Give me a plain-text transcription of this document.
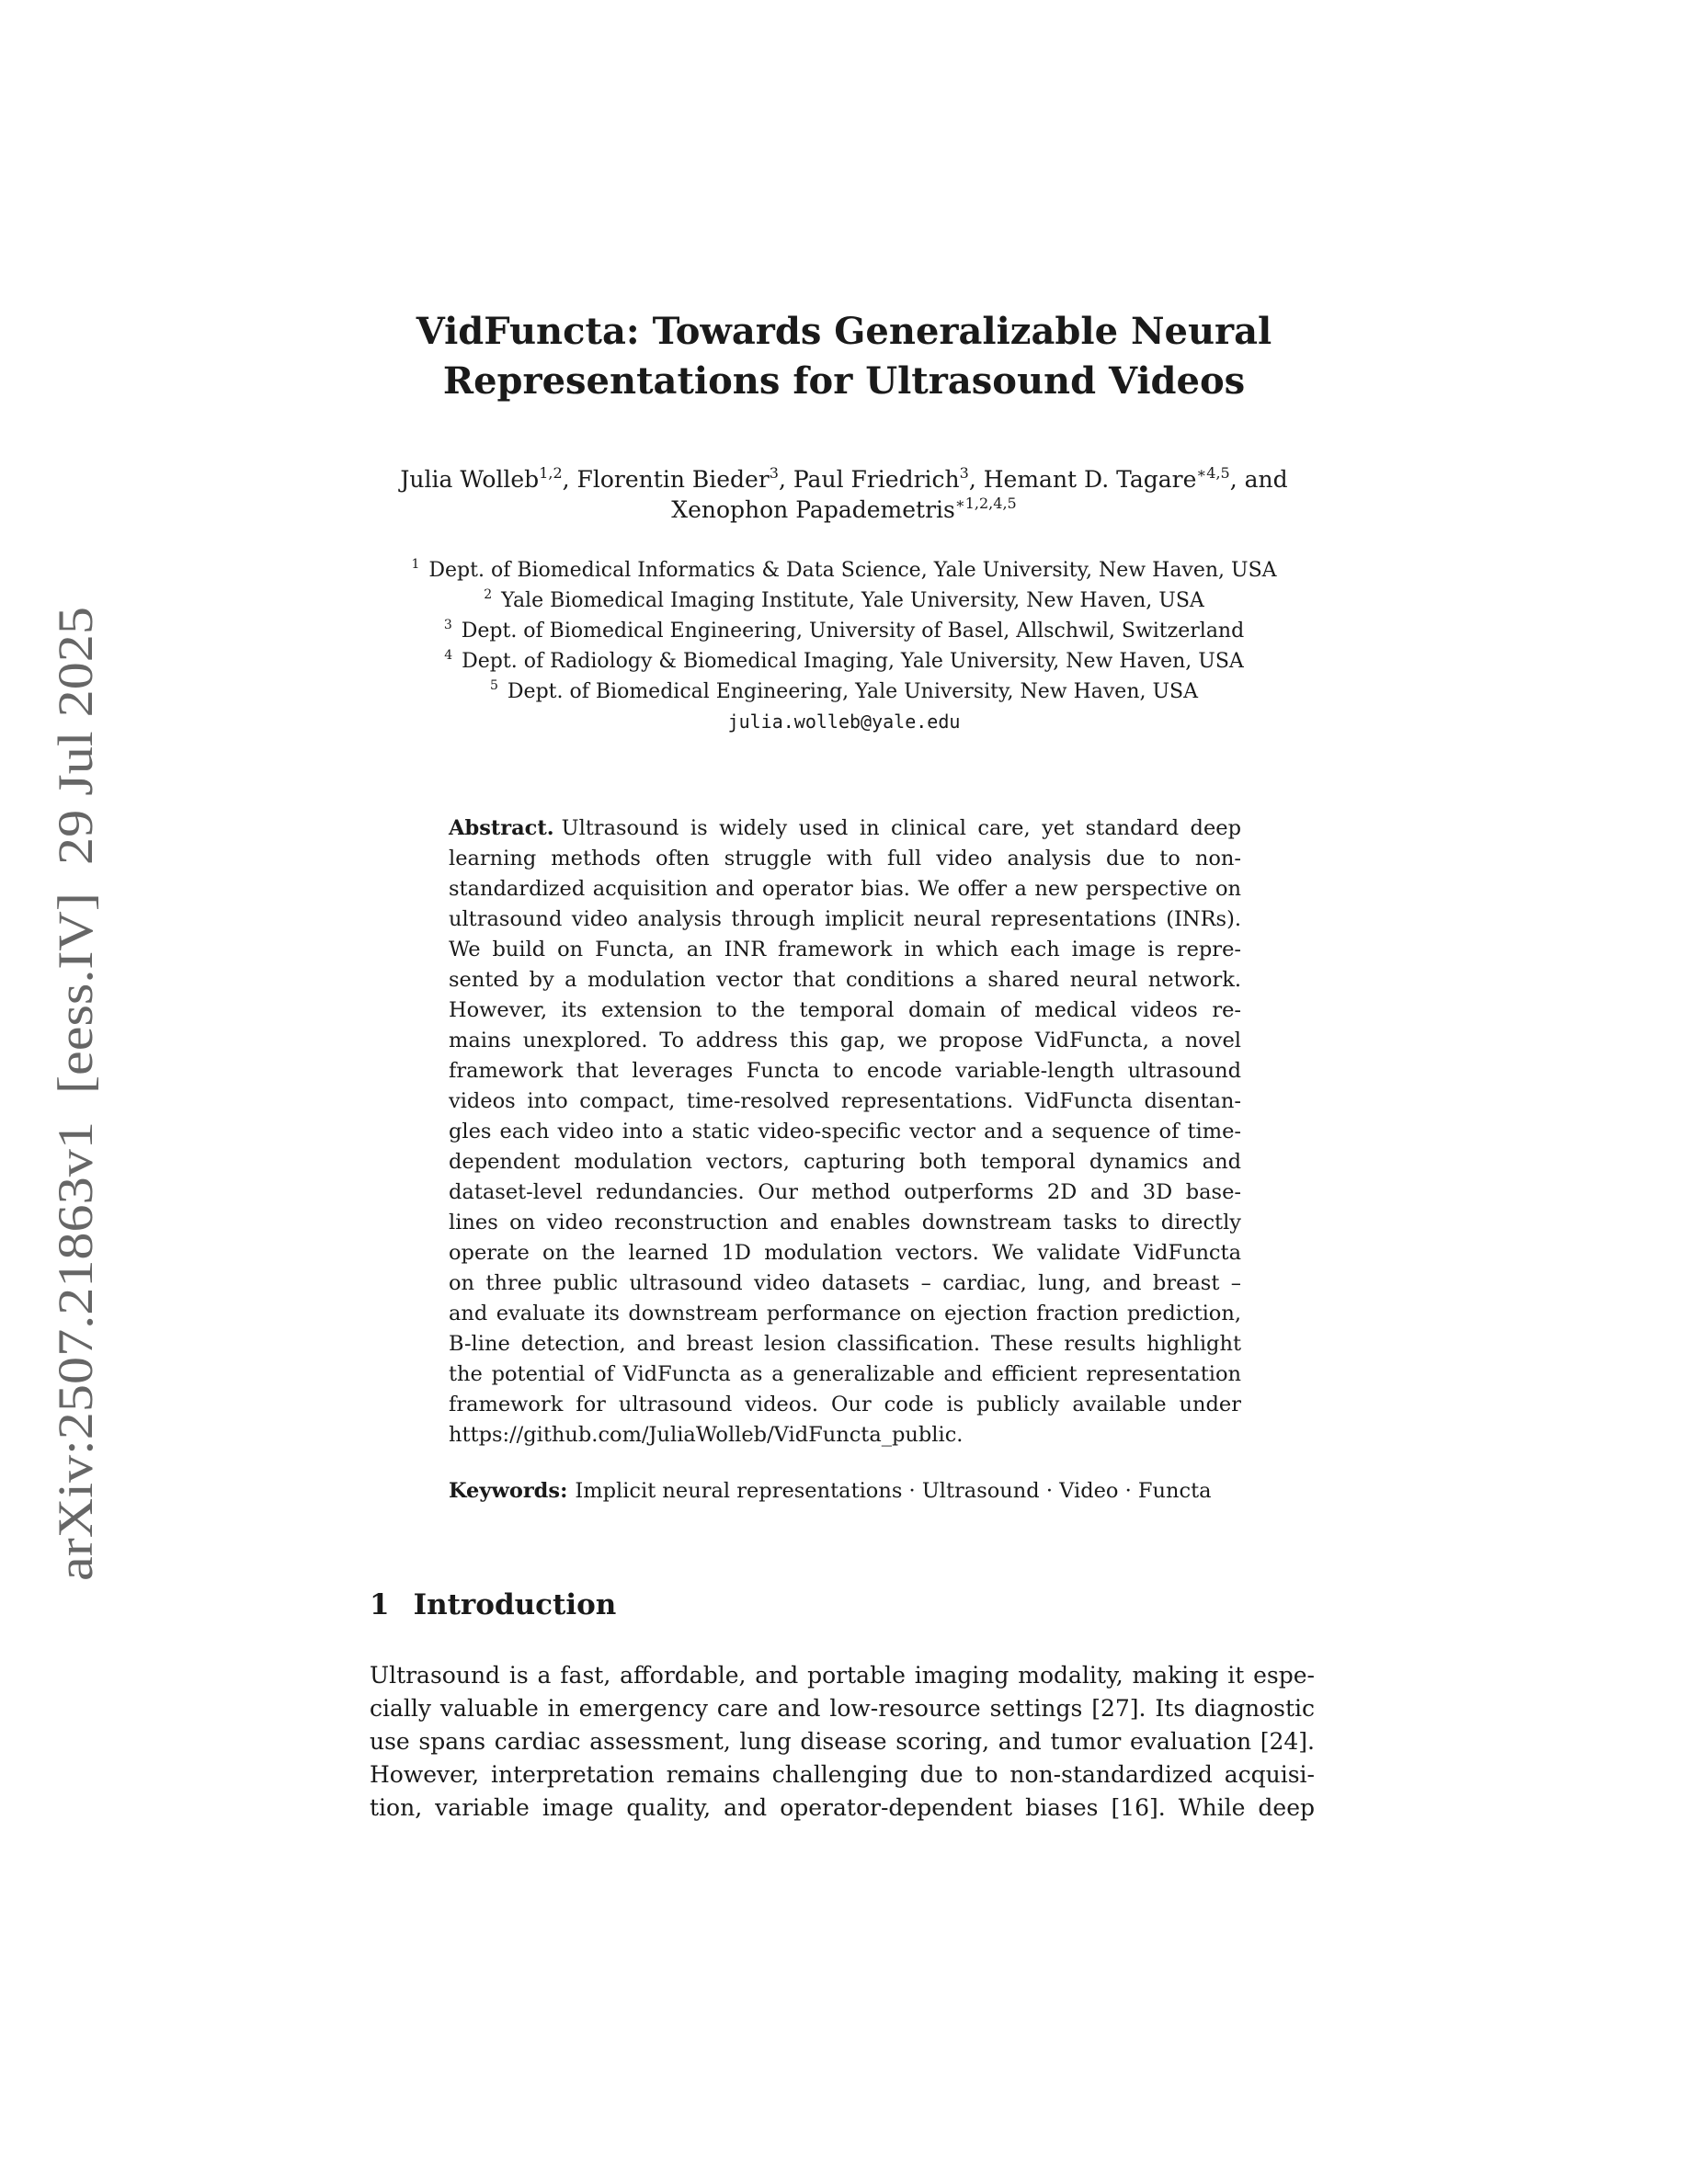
arXiv:2507.21863v1  [eess.IV]  29 Jul 2025
VidFuncta: Towards Generalizable Neural
Representations for Ultrasound Videos
Julia Wolleb$^{1,2}$, Florentin Bieder$^3$, Paul Friedrich$^3$, Hemant D. Tagare$^{∗4,5}$, and
Xenophon Papademetris$^{∗1,2,4,5}$
$^1$ Dept. of Biomedical Informatics & Data Science, Yale University, New Haven, USA
$^2$ Yale Biomedical Imaging Institute, Yale University, New Haven, USA
$^3$ Dept. of Biomedical Engineering, University of Basel, Allschwil, Switzerland
$^4$ Dept. of Radiology & Biomedical Imaging, Yale University, New Haven, USA
$^5$ Dept. of Biomedical Engineering, Yale University, New Haven, USA
julia.wolleb@yale.edu
Abstract. Ultrasound is widely used in clinical care, yet standard deep
learning methods often struggle with full video analysis due to non-
standardized acquisition and operator bias. We offer a new perspective on
ultrasound video analysis through implicit neural representations (INRs).
We build on Functa, an INR framework in which each image is repre-
sented by a modulation vector that conditions a shared neural network.
However, its extension to the temporal domain of medical videos re-
mains unexplored. To address this gap, we propose VidFuncta, a novel
framework that leverages Functa to encode variable-length ultrasound
videos into compact, time-resolved representations. VidFuncta disentan-
gles each video into a static video-specific vector and a sequence of time-
dependent modulation vectors, capturing both temporal dynamics and
dataset-level redundancies. Our method outperforms 2D and 3D base-
lines on video reconstruction and enables downstream tasks to directly
operate on the learned 1D modulation vectors. We validate VidFuncta
on three public ultrasound video datasets – cardiac, lung, and breast –
and evaluate its downstream performance on ejection fraction prediction,
B-line detection, and breast lesion classification. These results highlight
the potential of VidFuncta as a generalizable and efficient representation
framework for ultrasound videos. Our code is publicly available under
https://github.com/JuliaWolleb/VidFuncta_public.
Keywords: Implicit neural representations · Ultrasound · Video · Functa
1 Introduction
Ultrasound is a fast, affordable, and portable imaging modality, making it espe-
cially valuable in emergency care and low-resource settings [27]. Its diagnostic
use spans cardiac assessment, lung disease scoring, and tumor evaluation [24].
However, interpretation remains challenging due to non-standardized acquisi-
tion, variable image quality, and operator-dependent biases [16]. While deep
